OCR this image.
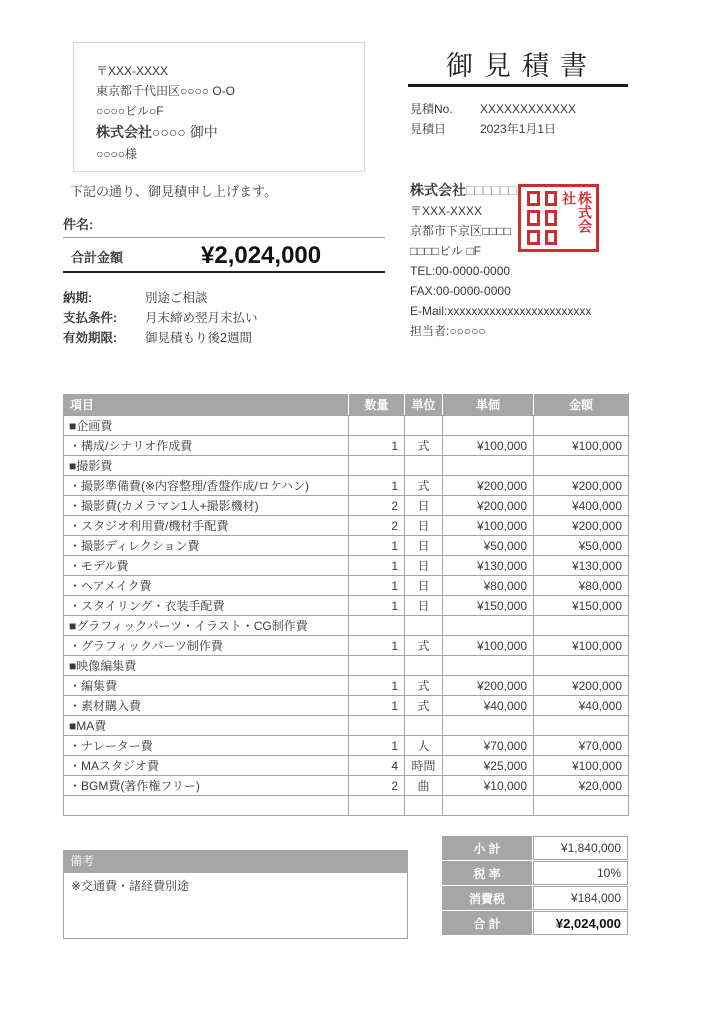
〒XXX-XXXX
東京都千代田区○○○○ O-O
○○○○ビル○F
株式会社○○○○ 御中
○○○○様
御見積書
見積No.	XXXXXXXXXXXX
見積日	2023年1月1日
下記の通り、御見積申し上げます。
件名:
合計金額	¥2,024,000
納期:	別途ご相談
支払条件:	月末締め翌月末払い
有効期限:	御見積もり後2週間
株式会社□□□□□□
〒XXX-XXXX
京都市下京区□□□□
□□□□ビル □F
TEL:00-0000-0000
FAX:00-0000-0000
E-Mail:xxxxxxxxxxxxxxxxxxxxxxxx
担当者:○○○○○
株式会社
項目	数量	単位	単価	金額
■企画費				
・構成/シナリオ作成費	1	式	¥100,000	¥100,000
■撮影費				
・撮影準備費(※内容整理/香盤作成/ロケハン)	1	式	¥200,000	¥200,000
・撮影費(カメラマン1人+撮影機材)	2	日	¥200,000	¥400,000
・スタジオ利用費/機材手配費	2	日	¥100,000	¥200,000
・撮影ディレクション費	1	日	¥50,000	¥50,000
・モデル費	1	日	¥130,000	¥130,000
・ヘアメイク費	1	日	¥80,000	¥80,000
・スタイリング・衣装手配費	1	日	¥150,000	¥150,000
■グラフィックパーツ・イラスト・CG制作費				
・グラフィックパーツ制作費	1	式	¥100,000	¥100,000
■映像編集費				
・編集費	1	式	¥200,000	¥200,000
・素材購入費	1	式	¥40,000	¥40,000
■MA費				
・ナレーター費	1	人	¥70,000	¥70,000
・MAスタジオ費	4	時間	¥25,000	¥100,000
・BGM費(著作権フリー)	2	曲	¥10,000	¥20,000

小 計	¥1,840,000
税 率	10%
消費税	¥184,000
合 計	¥2,024,000
備考
※交通費・諸経費別途
